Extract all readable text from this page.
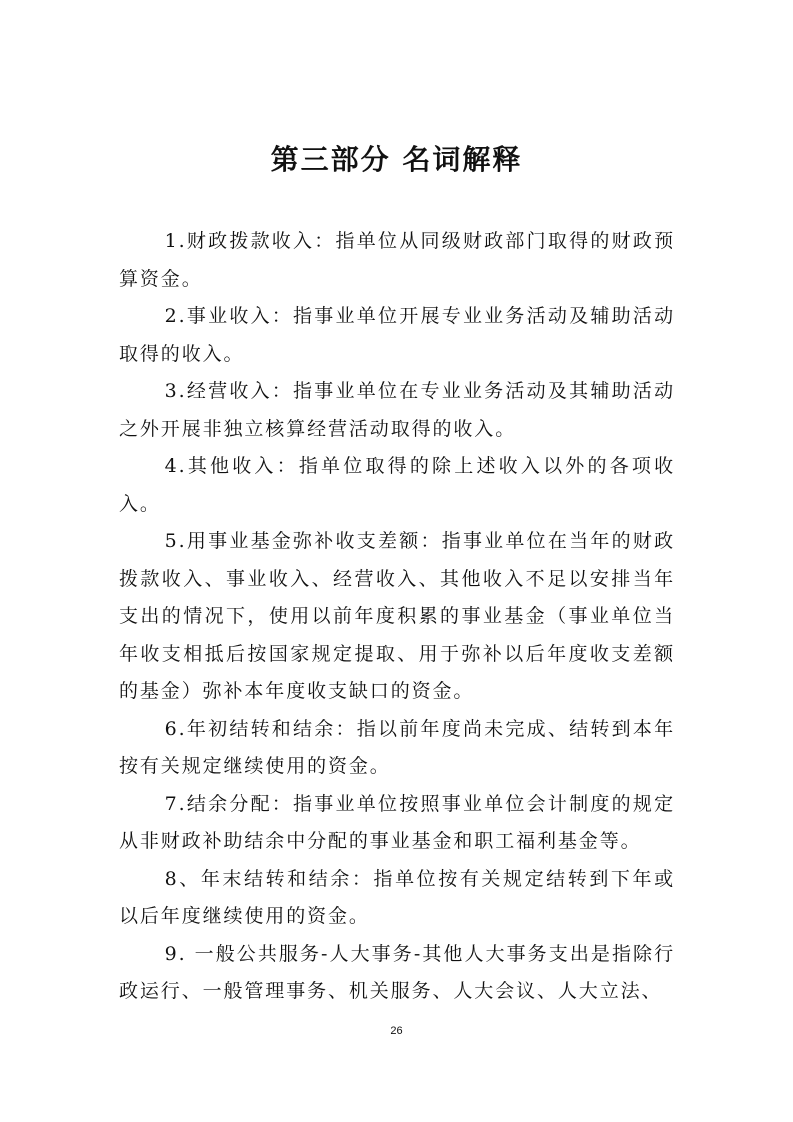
第三部分 名词解释

1.财政拨款收入：指单位从同级财政部门取得的财政预算资金。

2.事业收入：指事业单位开展专业业务活动及辅助活动取得的收入。

3.经营收入：指事业单位在专业业务活动及其辅助活动之外开展非独立核算经营活动取得的收入。

4.其他收入：指单位取得的除上述收入以外的各项收入。

5.用事业基金弥补收支差额：指事业单位在当年的财政拨款收入、事业收入、经营收入、其他收入不足以安排当年支出的情况下，使用以前年度积累的事业基金（事业单位当年收支相抵后按国家规定提取、用于弥补以后年度收支差额的基金）弥补本年度收支缺口的资金。

6.年初结转和结余：指以前年度尚未完成、结转到本年按有关规定继续使用的资金。

7.结余分配：指事业单位按照事业单位会计制度的规定从非财政补助结余中分配的事业基金和职工福利基金等。

8、年末结转和结余：指单位按有关规定结转到下年或以后年度继续使用的资金。

9. 一般公共服务-人大事务-其他人大事务支出是指除行政运行、一般管理事务、机关服务、人大会议、人大立法、

26
